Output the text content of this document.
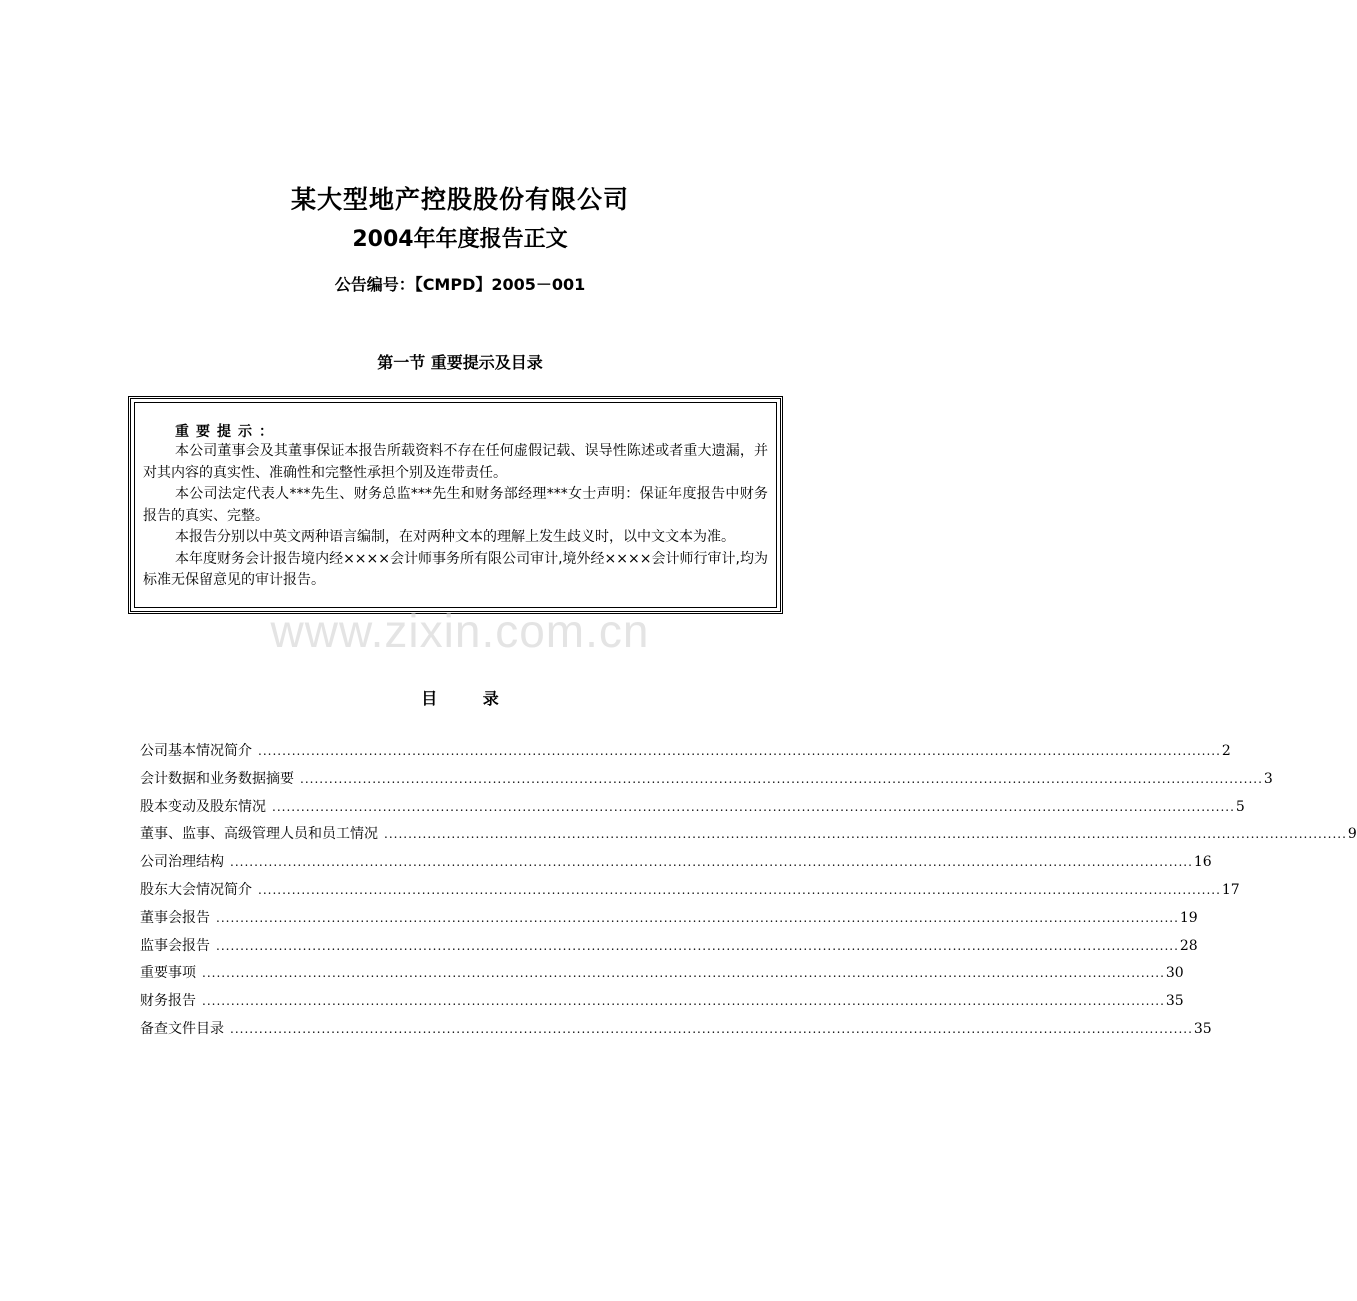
某大型地产控股股份有限公司
2004年年度报告正文
公告编号：【CMPD】2005－001
第一节 重要提示及目录
重要提示：

本公司董事会及其董事保证本报告所载资料不存在任何虚假记载、误导性陈述或者重大遗漏，并对其内容的真实性、准确性和完整性承担个别及连带责任。

本公司法定代表人***先生、财务总监***先生和财务部经理***女士声明：保证年度报告中财务报告的真实、完整。

本报告分别以中英文两种语言编制，在对两种文本的理解上发生歧义时，以中文文本为准。

本年度财务会计报告境内经××××会计师事务所有限公司审计,境外经××××会计师行审计,均为标准无保留意见的审计报告。

www.zixin.com.cn
目 录
公司基本情况简介 ........................................................................................................................................................................................................ 2
会计数据和业务数据摘要 ........................................................................................................................................................................................................ 3
股本变动及股东情况 ........................................................................................................................................................................................................ 5
董事、监事、高级管理人员和员工情况 ........................................................................................................................................................................................................ 9
公司治理结构 ........................................................................................................................................................................................................ 16
股东大会情况简介 ........................................................................................................................................................................................................ 17
董事会报告 ........................................................................................................................................................................................................ 19
监事会报告 ........................................................................................................................................................................................................ 28
重要事项 ........................................................................................................................................................................................................ 30
财务报告 ........................................................................................................................................................................................................ 35
备查文件目录 ........................................................................................................................................................................................................ 35
